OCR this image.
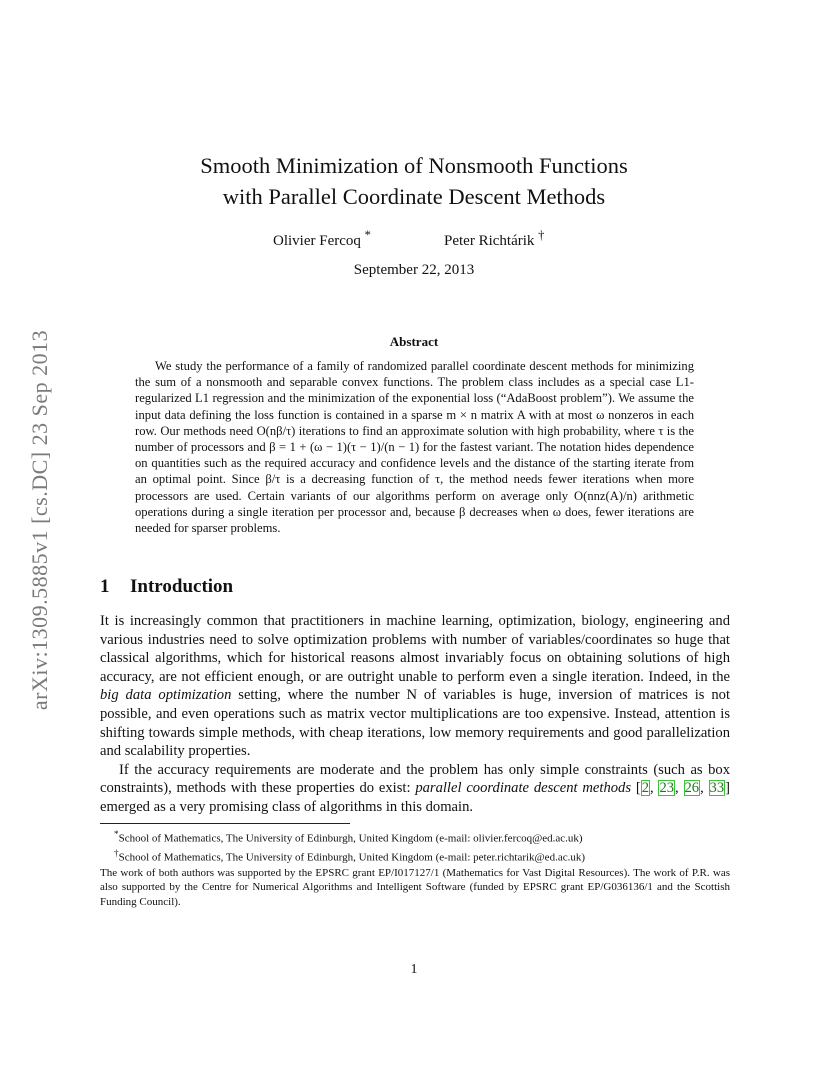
arXiv:1309.5885v1 [cs.DC] 23 Sep 2013
Smooth Minimization of Nonsmooth Functions
with Parallel Coordinate Descent Methods
Olivier Fercoq *	Peter Richtárik †
September 22, 2013
Abstract

We study the performance of a family of randomized parallel coordinate descent methods for minimizing the sum of a nonsmooth and separable convex functions. The problem class includes as a special case L1-regularized L1 regression and the minimization of the exponential loss (“AdaBoost problem”). We assume the input data defining the loss function is contained in a sparse m × n matrix A with at most ω nonzeros in each row. Our methods need O(nβ/τ) iterations to find an approximate solution with high probability, where τ is the number of processors and β = 1 + (ω − 1)(τ − 1)/(n − 1) for the fastest variant. The notation hides dependence on quantities such as the required accuracy and confidence levels and the distance of the starting iterate from an optimal point. Since β/τ is a decreasing function of τ, the method needs fewer iterations when more processors are used. Certain variants of our algorithms perform on average only O(nnz(A)/n) arithmetic operations during a single iteration per processor and, because β decreases when ω does, fewer iterations are needed for sparser problems.

1 Introduction

It is increasingly common that practitioners in machine learning, optimization, biology, engineering and various industries need to solve optimization problems with number of variables/coordinates so huge that classical algorithms, which for historical reasons almost invariably focus on obtaining solutions of high accuracy, are not efficient enough, or are outright unable to perform even a single iteration. Indeed, in the big data optimization setting, where the number N of variables is huge, inversion of matrices is not possible, and even operations such as matrix vector multiplications are too expensive. Instead, attention is shifting towards simple methods, with cheap iterations, low memory requirements and good parallelization and scalability properties.

If the accuracy requirements are moderate and the problem has only simple constraints (such as box constraints), methods with these properties do exist: parallel coordinate descent methods [2, 23, 26, 33] emerged as a very promising class of algorithms in this domain.

*School of Mathematics, The University of Edinburgh, United Kingdom (e-mail: olivier.fercoq@ed.ac.uk)

†School of Mathematics, The University of Edinburgh, United Kingdom (e-mail: peter.richtarik@ed.ac.uk)

The work of both authors was supported by the EPSRC grant EP/I017127/1 (Mathematics for Vast Digital Resources). The work of P.R. was also supported by the Centre for Numerical Algorithms and Intelligent Software (funded by EPSRC grant EP/G036136/1 and the Scottish Funding Council).

1
